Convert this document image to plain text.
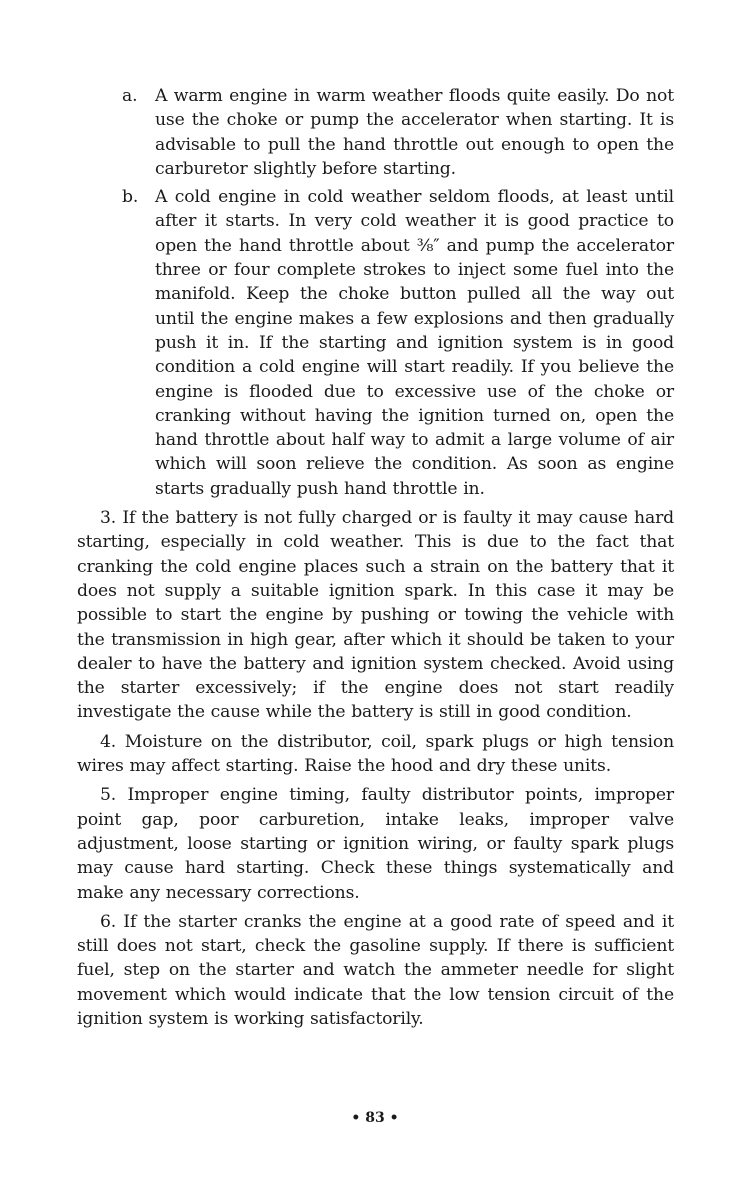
a. A warm engine in warm weather floods quite easily. Do not use the choke or pump the accelerator when starting. It is advisable to pull the hand throttle out enough to open the carburetor slightly before starting.

b. A cold engine in cold weather seldom floods, at least until after it starts. In very cold weather it is good practice to open the hand throttle about ⅜″ and pump the accelerator three or four complete strokes to inject some fuel into the manifold. Keep the choke button pulled all the way out until the engine makes a few explosions and then gradually push it in. If the starting and ignition system is in good condition a cold engine will start readily. If you believe the engine is flooded due to excessive use of the choke or cranking without having the ignition turned on, open the hand throttle about half way to admit a large volume of air which will soon relieve the condition. As soon as engine starts gradually push hand throttle in.

3. If the battery is not fully charged or is faulty it may cause hard starting, especially in cold weather. This is due to the fact that cranking the cold engine places such a strain on the battery that it does not supply a suitable ignition spark. In this case it may be possible to start the engine by pushing or towing the vehicle with the transmission in high gear, after which it should be taken to your dealer to have the battery and ignition system checked. Avoid using the starter excessively; if the engine does not start readily investigate the cause while the battery is still in good condition.

4. Moisture on the distributor, coil, spark plugs or high tension wires may affect starting. Raise the hood and dry these units.

5. Improper engine timing, faulty distributor points, improper point gap, poor carburetion, intake leaks, improper valve adjustment, loose starting or ignition wiring, or faulty spark plugs may cause hard starting. Check these things systematically and make any necessary corrections.

6. If the starter cranks the engine at a good rate of speed and it still does not start, check the gasoline supply. If there is sufficient fuel, step on the starter and watch the ammeter needle for slight movement which would indicate that the low tension circuit of the ignition system is working satisfactorily.

• 83 •
